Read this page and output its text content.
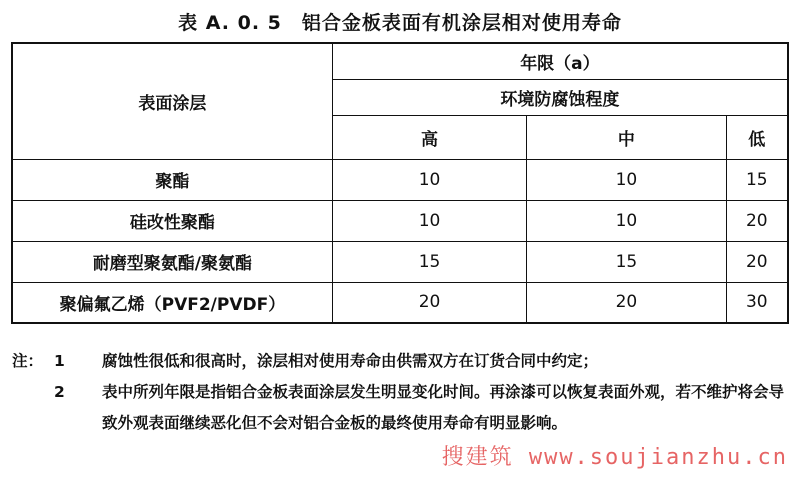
表 A. 0. 5　铝合金板表面有机涂层相对使用寿命
表面涂层	年限（a）		
	环境防腐蚀程度		
	高	中	低
聚酯	10	10	15
硅改性聚酯	10	10	20
耐磨型聚氨酯/聚氨酯	15	15	20
聚偏氟乙烯（PVF2/PVDF）	20	20	30
注： 1	腐蚀性很低和很高时，涂层相对使用寿命由供需双方在订货合同中约定；
2	表中所列年限是指铝合金板表面涂层发生明显变化时间。再涂漆可以恢复表面外观，若不维护将会导致外观表面继续恶化但不会对铝合金板的最终使用寿命有明显影响。
搜建筑 www.soujianzhu.cn
